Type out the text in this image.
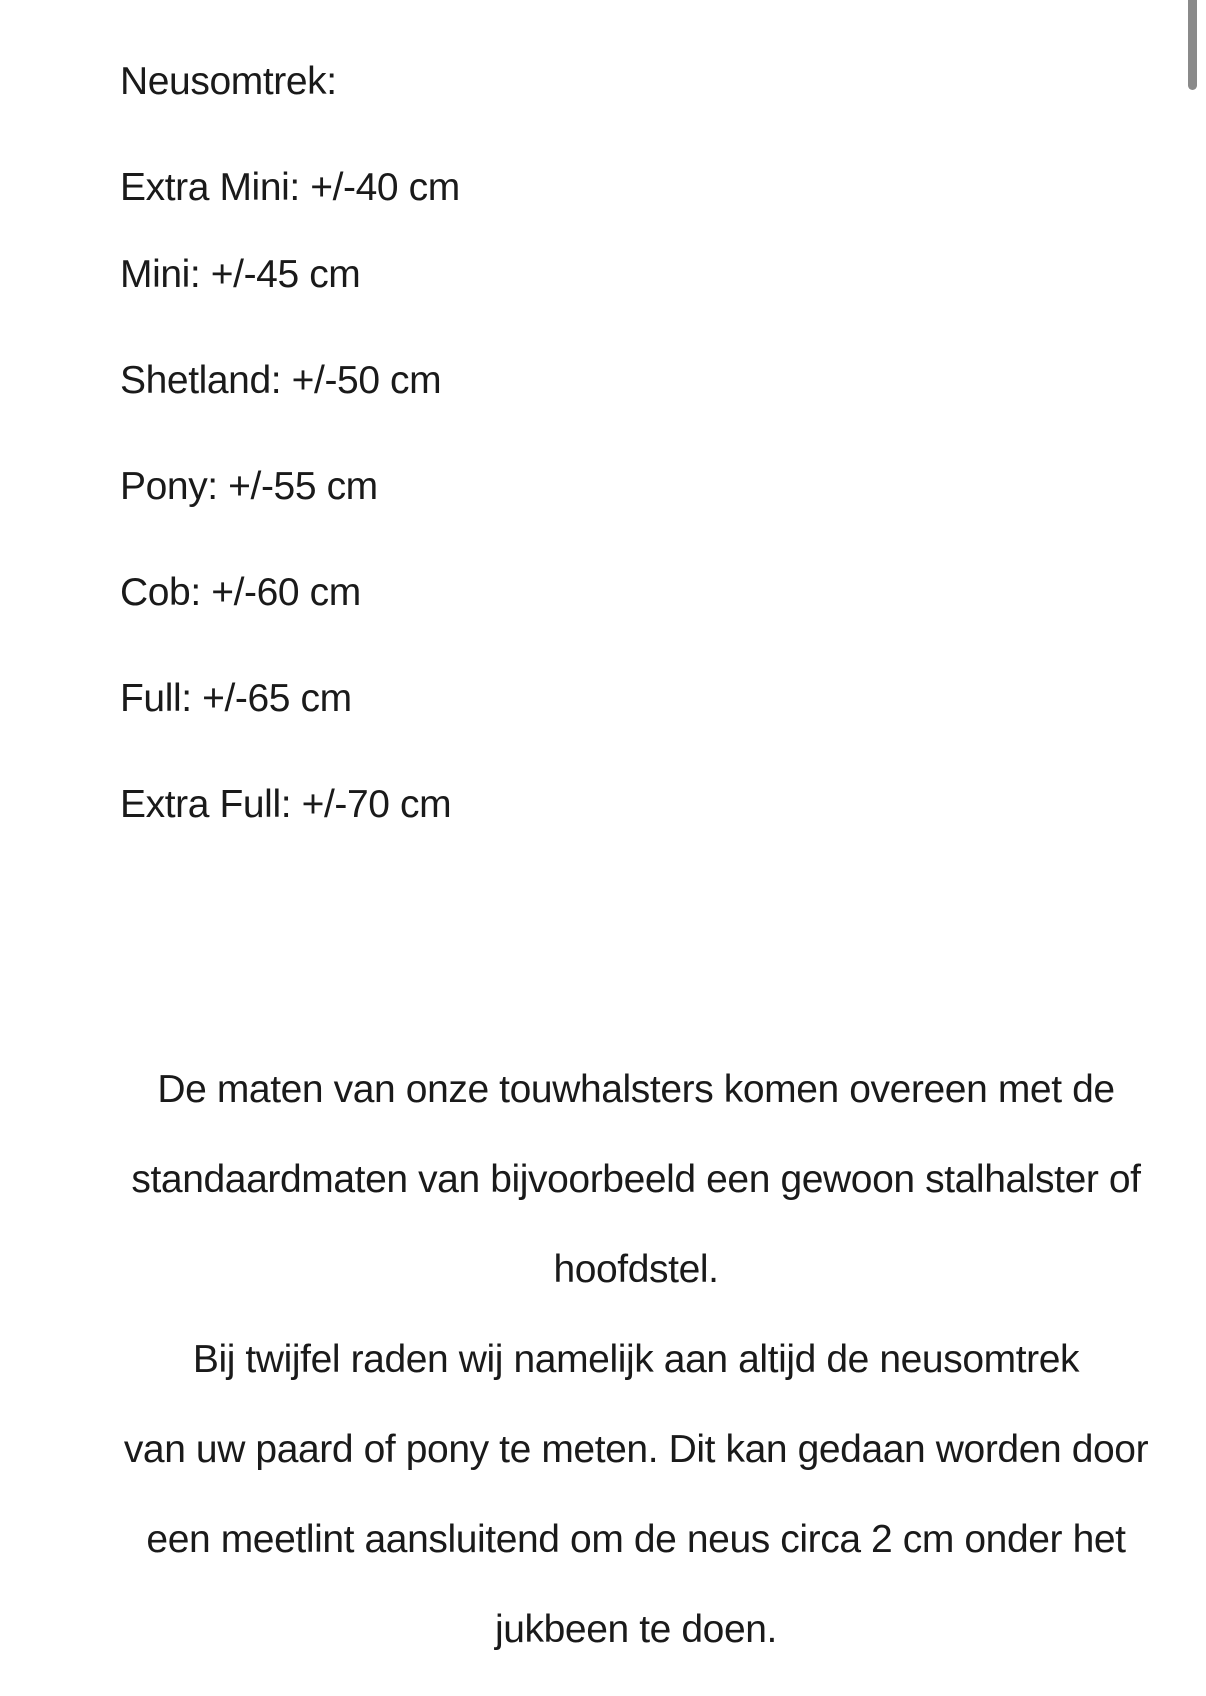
Neusomtrek:

Extra Mini: +/-40 cm
Mini: +/-45 cm

Shetland: +/-50 cm

Pony: +/-55 cm

Cob: +/-60 cm

Full: +/-65 cm

Extra Full: +/-70 cm

De maten van onze touwhalsters komen overeen met de

standaardmaten van bijvoorbeeld een gewoon stalhalster of

hoofdstel.

Bij twijfel raden wij namelijk aan altijd de neusomtrek

van uw paard of pony te meten. Dit kan gedaan worden door

een meetlint aansluitend om de neus circa 2 cm onder het

jukbeen te doen.
